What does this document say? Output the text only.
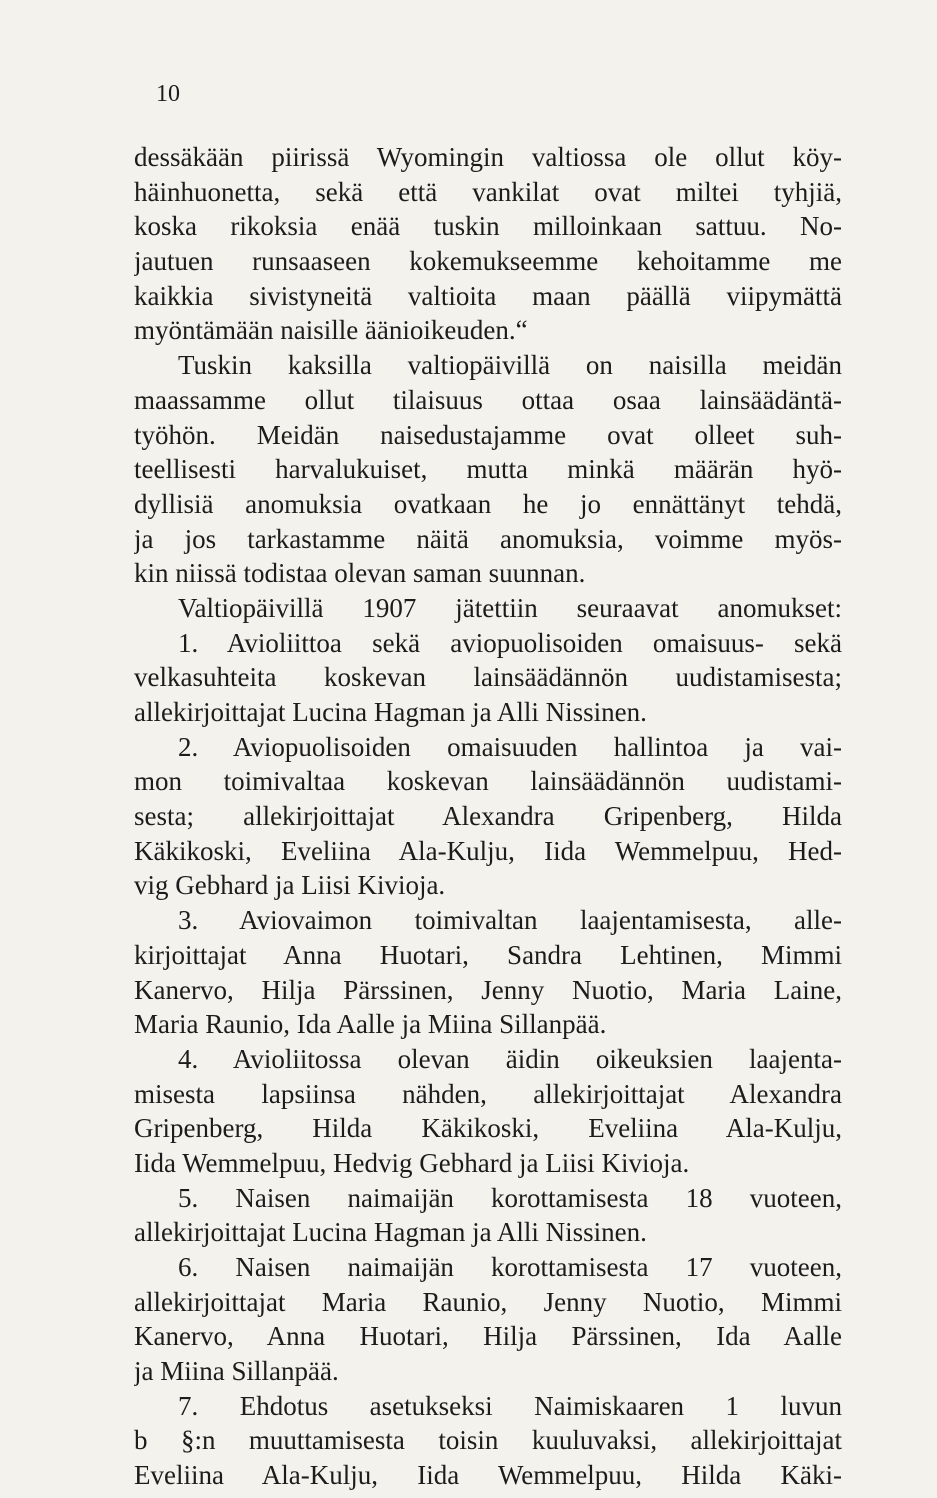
10
dessäkään piirissä Wyomingin valtiossa ole ollut köy-
häinhuonetta, sekä että vankilat ovat miltei tyhjiä,
koska rikoksia enää tuskin milloinkaan sattuu. No-
jautuen runsaaseen kokemukseemme kehoitamme me
kaikkia sivistyneitä valtioita maan päällä viipymättä
myöntämään naisille äänioikeuden.“
Tuskin kaksilla valtiopäivillä on naisilla meidän
maassamme ollut tilaisuus ottaa osaa lainsäädäntä-
työhön. Meidän naisedustajamme ovat olleet suh-
teellisesti harvalukuiset, mutta minkä määrän hyö-
dyllisiä anomuksia ovatkaan he jo ennättänyt tehdä,
ja jos tarkastamme näitä anomuksia, voimme myös-
kin niissä todistaa olevan saman suunnan.
Valtiopäivillä 1907 jätettiin seuraavat anomukset:
1. Avioliittoa sekä aviopuolisoiden omaisuus- sekä
velkasuhteita koskevan lainsäädännön uudistamisesta;
allekirjoittajat Lucina Hagman ja Alli Nissinen.
2. Aviopuolisoiden omaisuuden hallintoa ja vai-
mon toimivaltaa koskevan lainsäädännön uudistami-
sesta; allekirjoittajat Alexandra Gripenberg, Hilda
Käkikoski, Eveliina Ala-Kulju, Iida Wemmelpuu, Hed-
vig Gebhard ja Liisi Kivioja.
3. Aviovaimon toimivaltan laajentamisesta, alle-
kirjoittajat Anna Huotari, Sandra Lehtinen, Mimmi
Kanervo, Hilja Pärssinen, Jenny Nuotio, Maria Laine,
Maria Raunio, Ida Aalle ja Miina Sillanpää.
4. Avioliitossa olevan äidin oikeuksien laajenta-
misesta lapsiinsa nähden, allekirjoittajat Alexandra
Gripenberg, Hilda Käkikoski, Eveliina Ala-Kulju,
Iida Wemmelpuu, Hedvig Gebhard ja Liisi Kivioja.
5. Naisen naimaijän korottamisesta 18 vuoteen,
allekirjoittajat Lucina Hagman ja Alli Nissinen.
6. Naisen naimaijän korottamisesta 17 vuoteen,
allekirjoittajat Maria Raunio, Jenny Nuotio, Mimmi
Kanervo, Anna Huotari, Hilja Pärssinen, Ida Aalle
ja Miina Sillanpää.
7. Ehdotus asetukseksi Naimiskaaren 1 luvun
b §:n muuttamisesta toisin kuuluvaksi, allekirjoittajat
Eveliina Ala-Kulju, Iida Wemmelpuu, Hilda Käki-
